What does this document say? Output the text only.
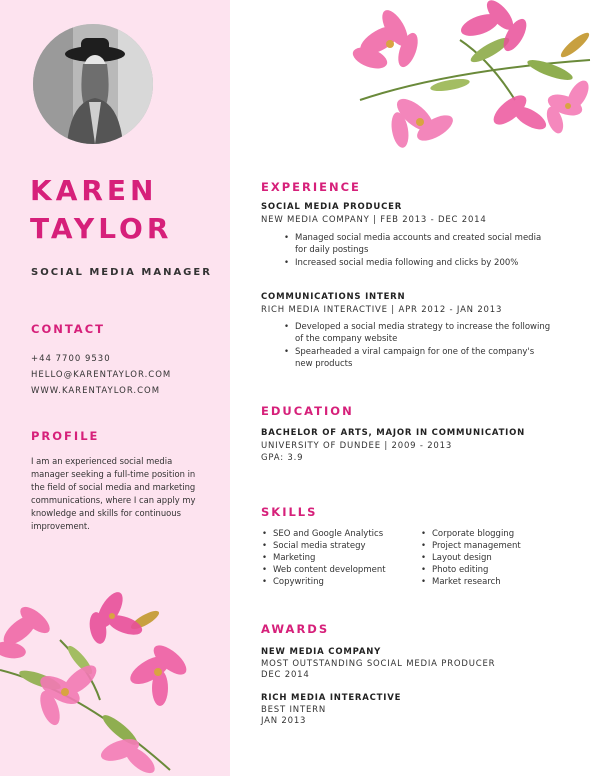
KAREN
TAYLOR

SOCIAL MEDIA MANAGER

CONTACT

+44 7700 9530

HELLO@KARENTAYLOR.COM

WWW.KARENTAYLOR.COM

PROFILE

I am an experienced social media manager seeking a full-time position in the field of social media and marketing communications, where I can apply my knowledge and skills for continuous improvement.

EXPERIENCE

SOCIAL MEDIA PRODUCER

NEW MEDIA COMPANY | FEB 2013 - DEC 2014

• Managed social media accounts and created social media for daily postings
• Increased social media following and clicks by 200%

COMMUNICATIONS INTERN

RICH MEDIA INTERACTIVE | APR 2012 - JAN 2013

• Developed a social media strategy to increase the following of the company website
• Spearheaded a viral campaign for one of the company's new products

EDUCATION

BACHELOR OF ARTS, MAJOR IN COMMUNICATION

UNIVERSITY OF DUNDEE | 2009 - 2013

GPA: 3.9

SKILLS

• SEO and Google Analytics
• Social media strategy
• Marketing
• Web content development
• Copywriting
• Corporate blogging
• Project management
• Layout design
• Photo editing
• Market research

AWARDS

NEW MEDIA COMPANY

MOST OUTSTANDING SOCIAL MEDIA PRODUCER

DEC 2014

RICH MEDIA INTERACTIVE

BEST INTERN

JAN 2013
